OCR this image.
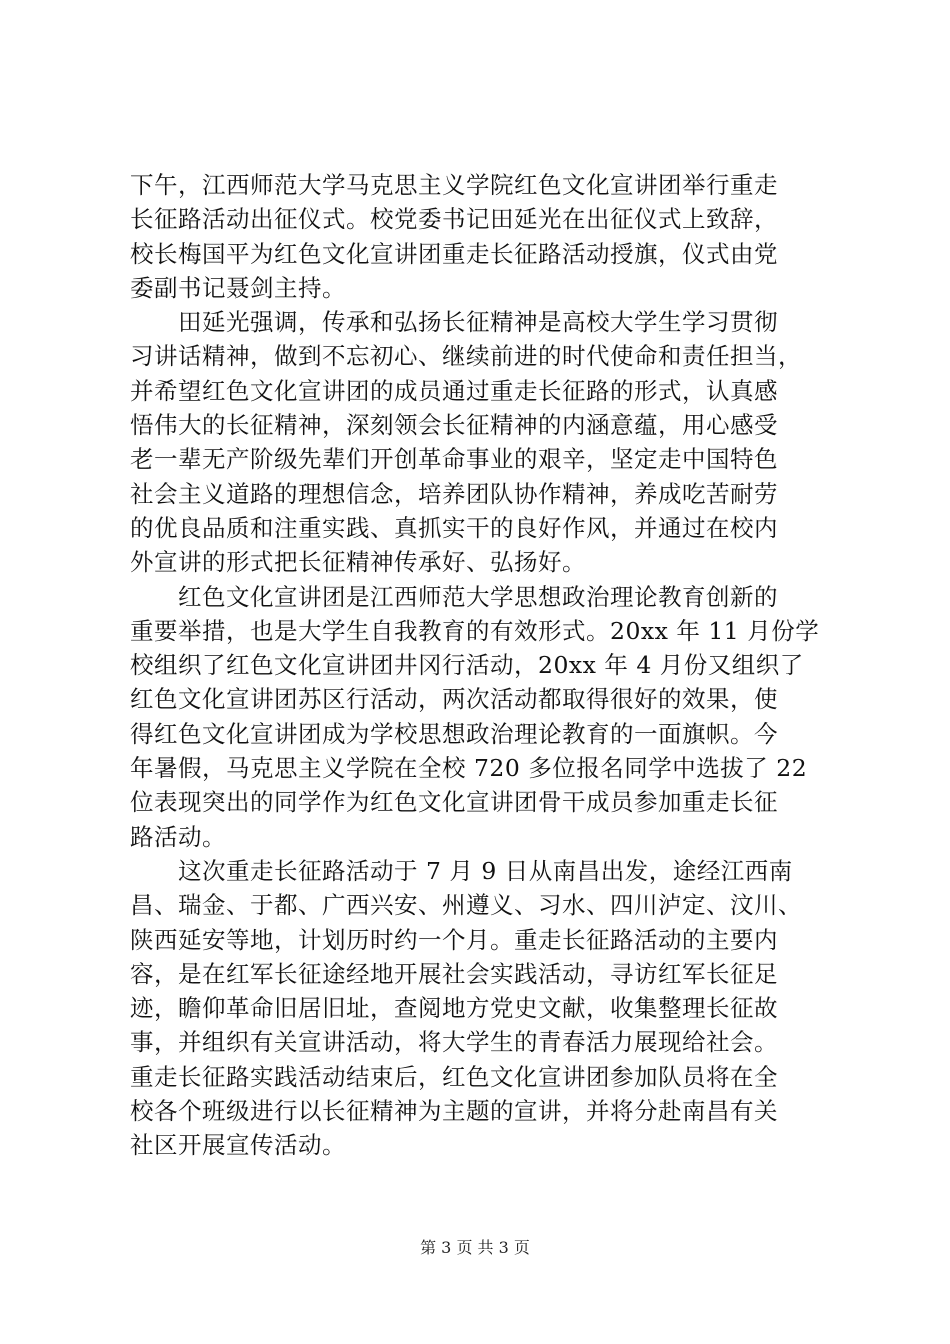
下午，江西师范大学马克思主义学院红色文化宣讲团举行重走
长征路活动出征仪式。校党委书记田延光在出征仪式上致辞，
校长梅国平为红色文化宣讲团重走长征路活动授旗，仪式由党
委副书记聂剑主持。
　　田延光强调，传承和弘扬长征精神是高校大学生学习贯彻
习讲话精神，做到不忘初心、继续前进的时代使命和责任担当，
并希望红色文化宣讲团的成员通过重走长征路的形式，认真感
悟伟大的长征精神，深刻领会长征精神的内涵意蕴，用心感受
老一辈无产阶级先辈们开创革命事业的艰辛，坚定走中国特色
社会主义道路的理想信念，培养团队协作精神，养成吃苦耐劳
的优良品质和注重实践、真抓实干的良好作风，并通过在校内
外宣讲的形式把长征精神传承好、弘扬好。
　　红色文化宣讲团是江西师范大学思想政治理论教育创新的
重要举措，也是大学生自我教育的有效形式。20xx 年 11 月份学
校组织了红色文化宣讲团井冈行活动，20xx 年 4 月份又组织了
红色文化宣讲团苏区行活动，两次活动都取得很好的效果，使
得红色文化宣讲团成为学校思想政治理论教育的一面旗帜。今
年暑假，马克思主义学院在全校 720 多位报名同学中选拔了 22
位表现突出的同学作为红色文化宣讲团骨干成员参加重走长征
路活动。
　　这次重走长征路活动于 7 月 9 日从南昌出发，途经江西南
昌、瑞金、于都、广西兴安、州遵义、习水、四川泸定、汶川、
陕西延安等地，计划历时约一个月。重走长征路活动的主要内
容，是在红军长征途经地开展社会实践活动，寻访红军长征足
迹，瞻仰革命旧居旧址，查阅地方党史文献，收集整理长征故
事，并组织有关宣讲活动，将大学生的青春活力展现给社会。
重走长征路实践活动结束后，红色文化宣讲团参加队员将在全
校各个班级进行以长征精神为主题的宣讲，并将分赴南昌有关
社区开展宣传活动。
第 3 页 共 3 页
